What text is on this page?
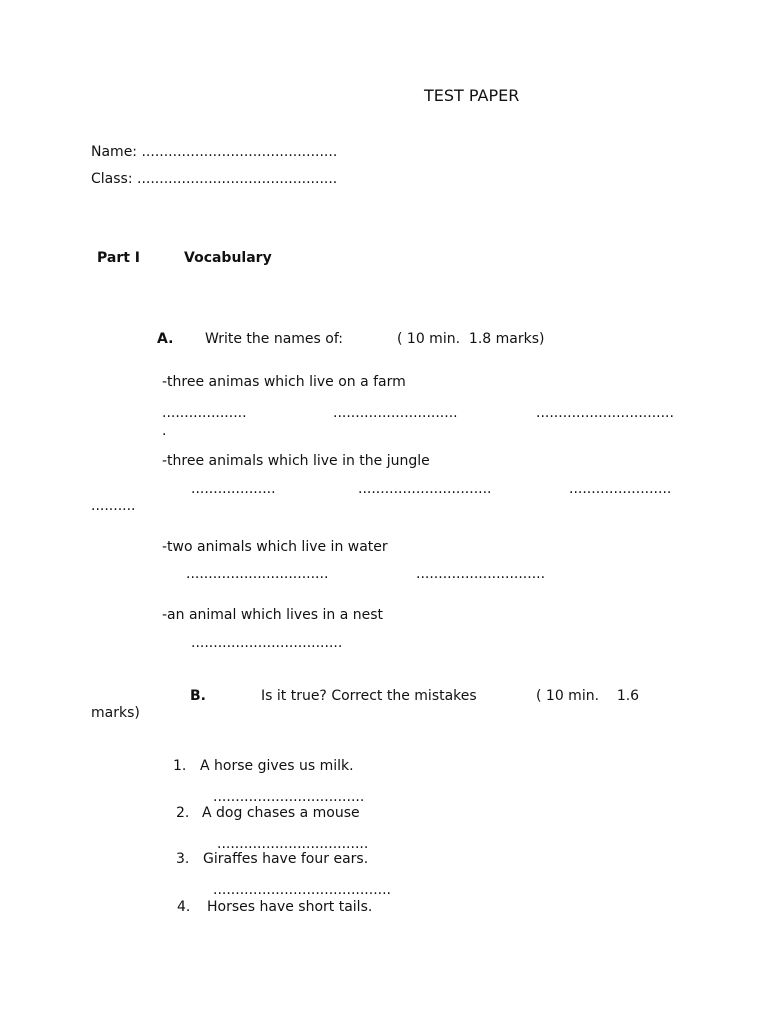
TEST PAPER
Name: ............................................
Class: .............................................
Part I	Vocabulary
A. Write the names of:	( 10 min.  1.8 marks)
-three animas which live on a farm
...................	............................	...............................
.
-three animals which live in the jungle
...................	..............................	.......................
..........
-two animals which live in water
................................	.............................
-an animal which lives in a nest
..................................
B.	Is it true? Correct the mistakes	( 10 min.    1.6
marks)
1. A horse gives us milk.
..................................
2. A dog chases a mouse
..................................
3. Giraffes have four ears.
........................................
4. Horses have short tails.
